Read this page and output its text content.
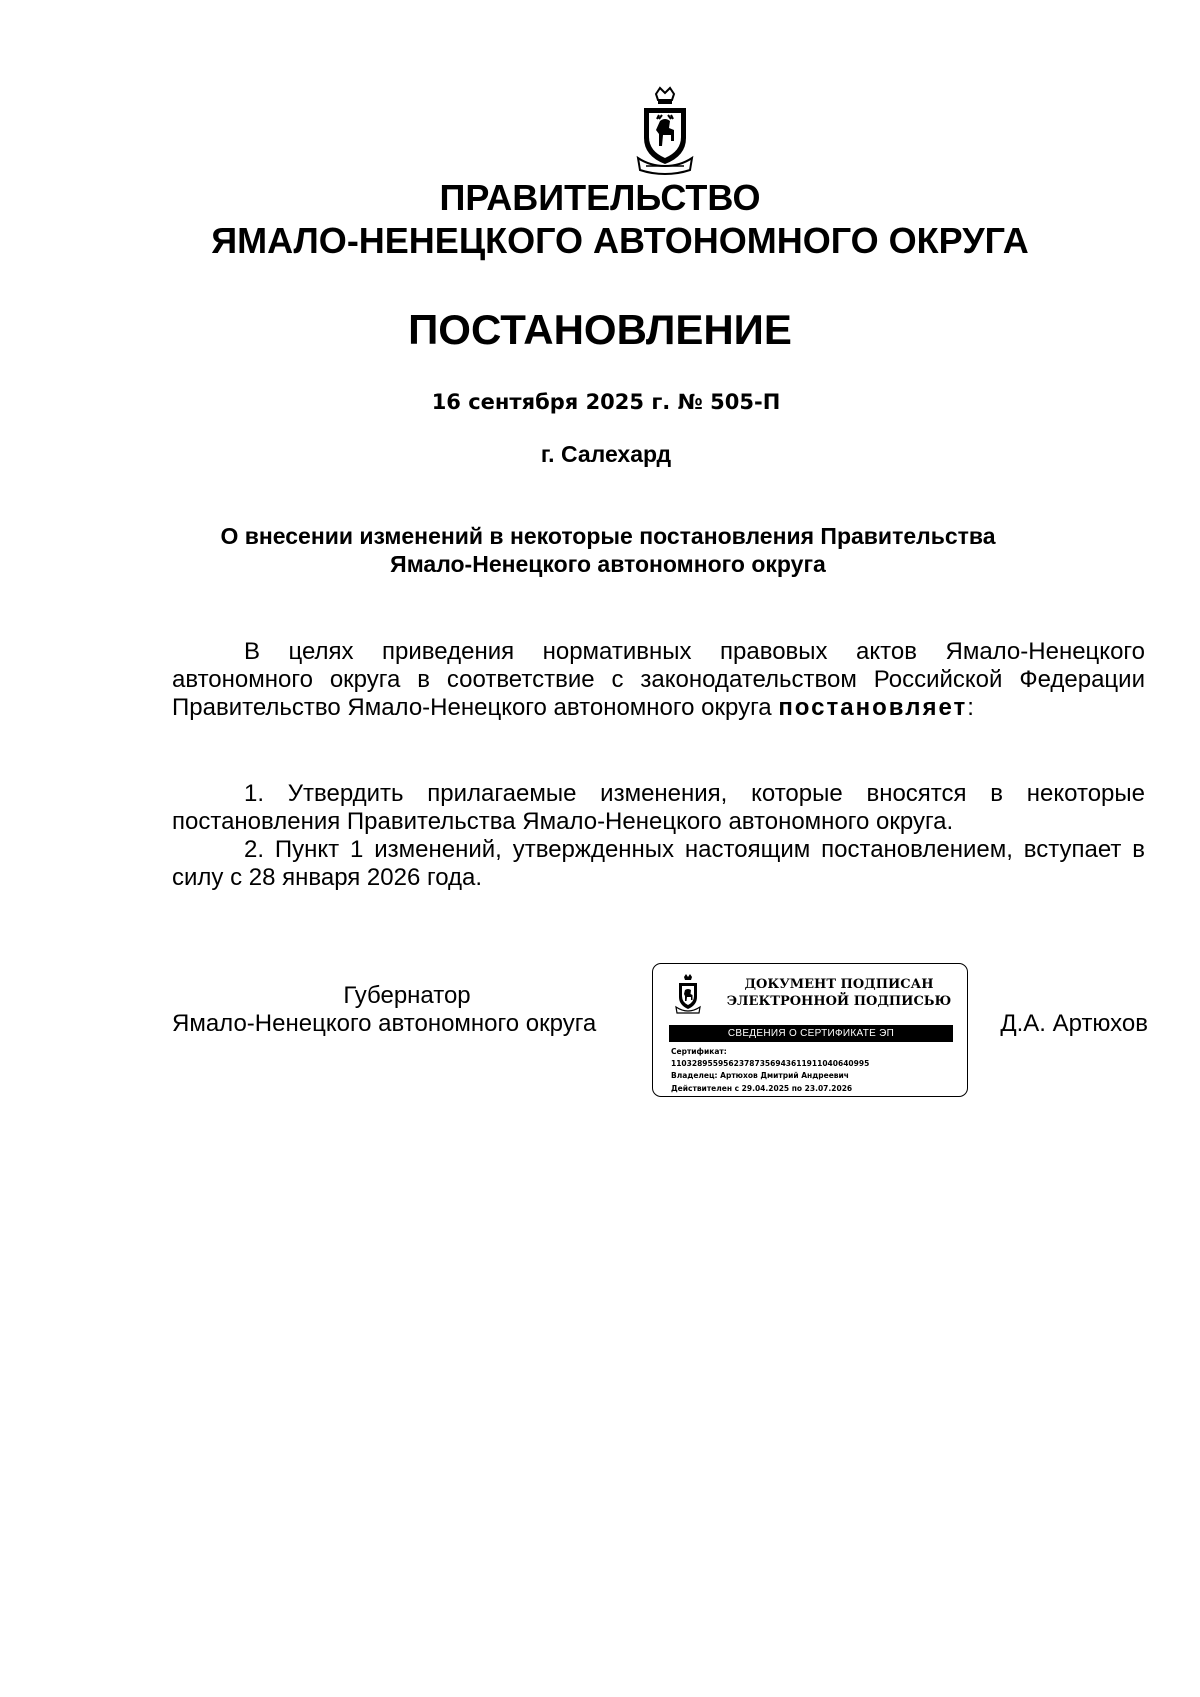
ПРАВИТЕЛЬСТВО
ЯМАЛО-НЕНЕЦКОГО АВТОНОМНОГО ОКРУГА
ПОСТАНОВЛЕНИЕ
16 сентября 2025 г. № 505-П
г. Салехард
О внесении изменений в некоторые постановления Правительства
Ямало-Ненецкого автономного округа

В целях приведения нормативных правовых актов Ямало-Ненецкого автономного округа в соответствие с законодательством Российской Федерации Правительство Ямало-Ненецкого автономного округа постановляет:

1. Утвердить прилагаемые изменения, которые вносятся в некоторые постановления Правительства Ямало-Ненецкого автономного округа.

2. Пункт 1 изменений, утвержденных настоящим постановлением, вступает в силу с 28 января 2026 года.

Губернатор
Ямало-Ненецкого автономного округа
ДОКУМЕНТ ПОДПИСАН
ЭЛЕКТРОННОЙ ПОДПИСЬЮ
СВЕДЕНИЯ О СЕРТИФИКАТЕ ЭП
Сертификат:
11032895595623787356943611911040640995
Владелец: Артюхов Дмитрий Андреевич
Действителен с 29.04.2025 по 23.07.2026
Д.А. Артюхов
